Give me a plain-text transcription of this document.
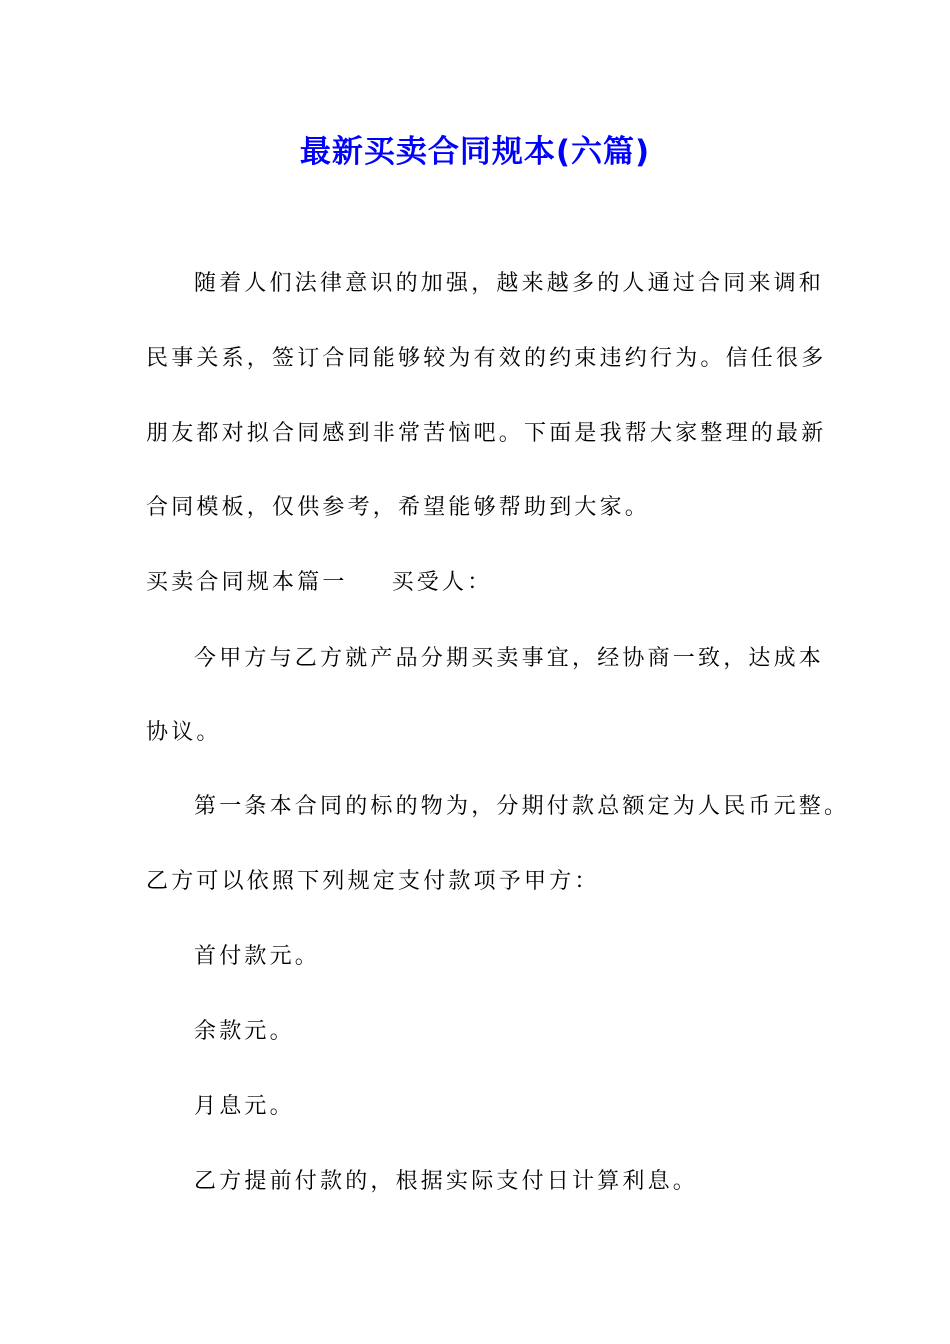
最新买卖合同规本(六篇)

随着人们法律意识的加强，越来越多的人通过合同来调和

民事关系，签订合同能够较为有效的约束违约行为。信任很多

朋友都对拟合同感到非常苦恼吧。下面是我帮大家整理的最新

合同模板，仅供参考，希望能够帮助到大家。

买卖合同规本篇一 买受人：

今甲方与乙方就产品分期买卖事宜，经协商一致，达成本

协议。

第一条本合同的标的物为，分期付款总额定为人民币元整。

乙方可以依照下列规定支付款项予甲方：

首付款元。

余款元。

月息元。

乙方提前付款的，根据实际支付日计算利息。
